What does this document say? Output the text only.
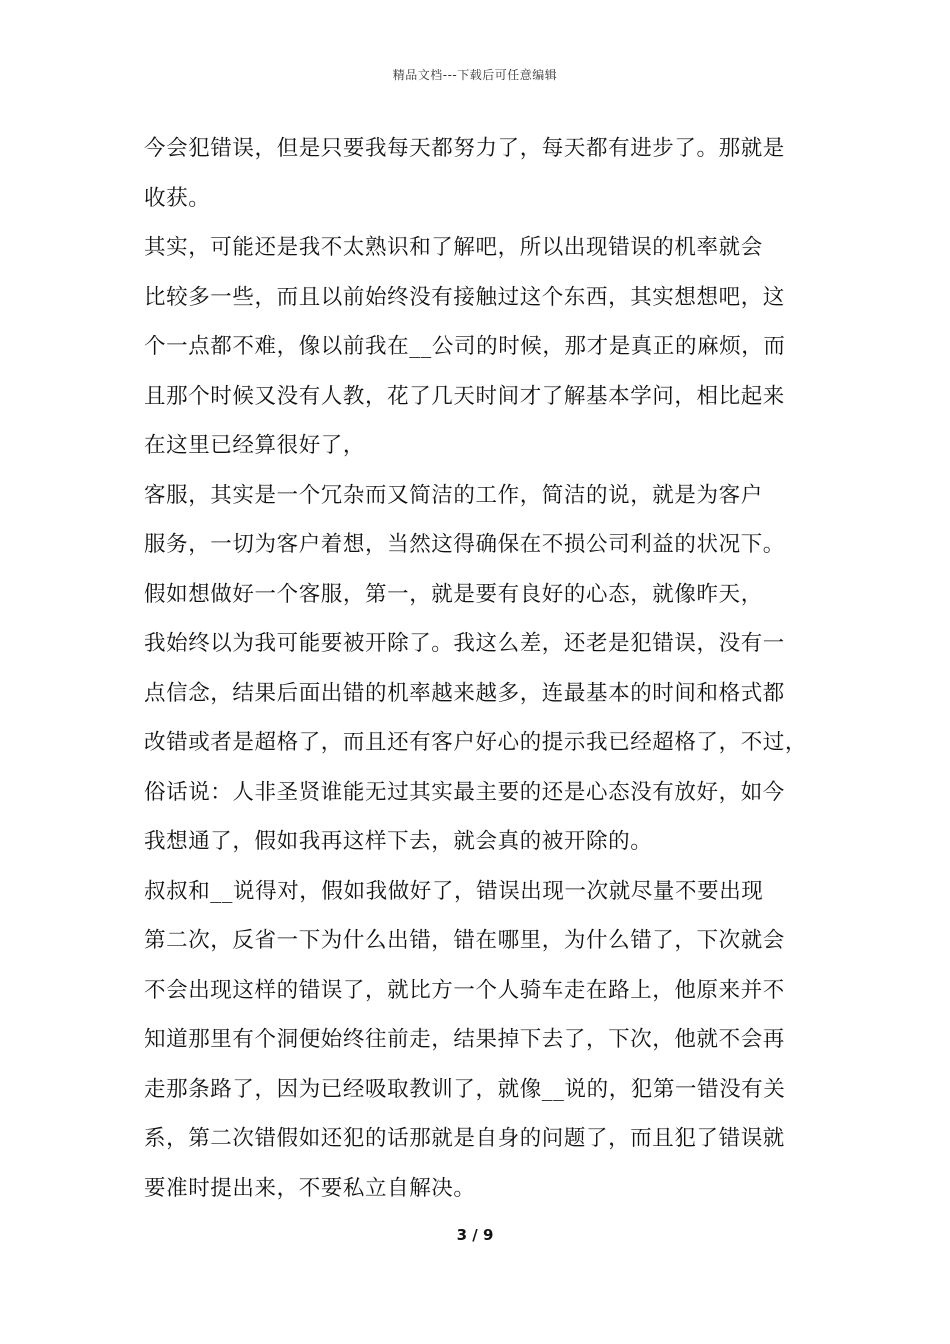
精品文档---下载后可任意编辑
今会犯错误，但是只要我每天都努力了，每天都有进步了。那就是
收获。
其实，可能还是我不太熟识和了解吧，所以出现错误的机率就会
比较多一些，而且以前始终没有接触过这个东西，其实想想吧，这
个一点都不难，像以前我在__公司的时候，那才是真正的麻烦，而
且那个时候又没有人教，花了几天时间才了解基本学问，相比起来
在这里已经算很好了，
客服，其实是一个冗杂而又简洁的工作，简洁的说，就是为客户
服务，一切为客户着想，当然这得确保在不损公司利益的状况下。
假如想做好一个客服，第一，就是要有良好的心态，就像昨天，
我始终以为我可能要被开除了。我这么差，还老是犯错误，没有一
点信念，结果后面出错的机率越来越多，连最基本的时间和格式都
改错或者是超格了，而且还有客户好心的提示我已经超格了，不过，
俗话说：人非圣贤谁能无过其实最主要的还是心态没有放好，如今
我想通了，假如我再这样下去，就会真的被开除的。
叔叔和__说得对，假如我做好了，错误出现一次就尽量不要出现
第二次，反省一下为什么出错，错在哪里，为什么错了，下次就会
不会出现这样的错误了，就比方一个人骑车走在路上，他原来并不
知道那里有个洞便始终往前走，结果掉下去了，下次，他就不会再
走那条路了，因为已经吸取教训了，就像__说的，犯第一错没有关
系，第二次错假如还犯的话那就是自身的问题了，而且犯了错误就
要准时提出来，不要私立自解决。
3 / 9
